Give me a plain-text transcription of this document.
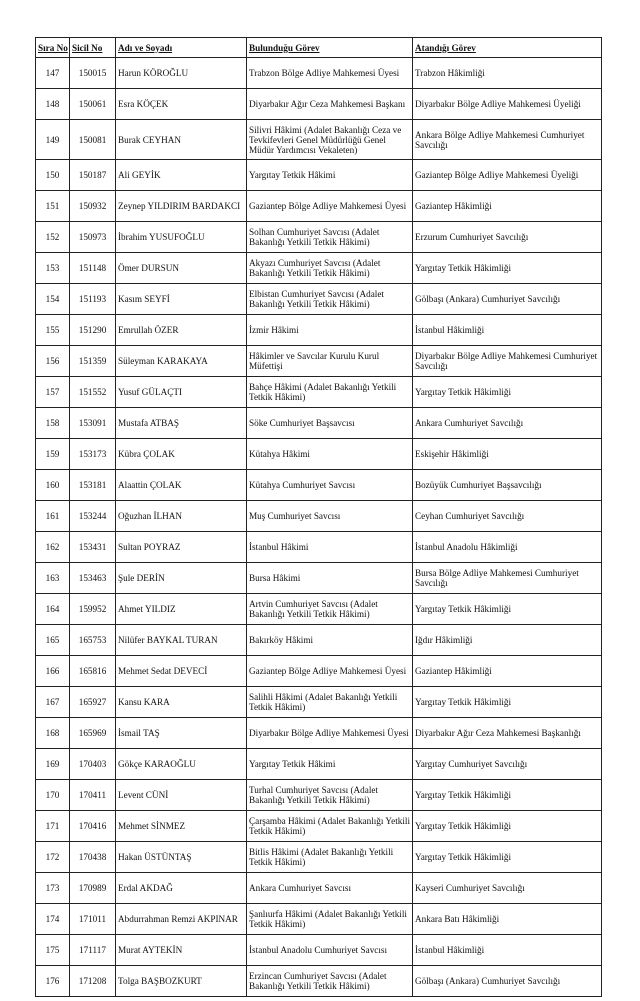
Sıra No	Sicil No	Adı ve Soyadı	Bulunduğu Görev	Atandığı Görev
147	150015	Harun KÖROĞLU	Trabzon Bölge Adliye Mahkemesi Üyesi	Trabzon Hâkimliği
148	150061	Esra KÖÇEK	Diyarbakır Ağır Ceza Mahkemesi Başkanı	Diyarbakır Bölge Adliye Mahkemesi Üyeliği
149	150081	Burak CEYHAN	Silivri Hâkimi (Adalet Bakanlığı Ceza ve Tevkifevleri Genel Müdürlüğü Genel Müdür Yardımcısı Vekaleten)	Ankara Bölge Adliye Mahkemesi Cumhuriyet Savcılığı
150	150187	Ali GEYİK	Yargıtay Tetkik Hâkimi	Gaziantep Bölge Adliye Mahkemesi Üyeliği
151	150932	Zeynep YILDIRIM BARDAKCI	Gaziantep Bölge Adliye Mahkemesi Üyesi	Gaziantep Hâkimliği
152	150973	İbrahim YUSUFOĞLU	Solhan Cumhuriyet Savcısı (Adalet Bakanlığı Yetkili Tetkik Hâkimi)	Erzurum Cumhuriyet Savcılığı
153	151148	Ömer DURSUN	Akyazı Cumhuriyet Savcısı (Adalet Bakanlığı Yetkili Tetkik Hâkimi)	Yargıtay Tetkik Hâkimliği
154	151193	Kasım SEYFİ	Elbistan Cumhuriyet Savcısı (Adalet Bakanlığı Yetkili Tetkik Hâkimi)	Gölbaşı (Ankara) Cumhuriyet Savcılığı
155	151290	Emrullah ÖZER	İzmir Hâkimi	İstanbul Hâkimliği
156	151359	Süleyman KARAKAYA	Hâkimler ve Savcılar Kurulu Kurul Müfettişi	Diyarbakır Bölge Adliye Mahkemesi Cumhuriyet Savcılığı
157	151552	Yusuf GÜLAÇTI	Bahçe Hâkimi (Adalet Bakanlığı Yetkili Tetkik Hâkimi)	Yargıtay Tetkik Hâkimliği
158	153091	Mustafa ATBAŞ	Söke Cumhuriyet Başsavcısı	Ankara Cumhuriyet Savcılığı
159	153173	Kübra ÇOLAK	Kütahya Hâkimi	Eskişehir Hâkimliği
160	153181	Alaattin ÇOLAK	Kütahya Cumhuriyet Savcısı	Bozüyük Cumhuriyet Başsavcılığı
161	153244	Oğuzhan İLHAN	Muş Cumhuriyet Savcısı	Ceyhan Cumhuriyet Savcılığı
162	153431	Sultan POYRAZ	İstanbul Hâkimi	İstanbul Anadolu Hâkimliği
163	153463	Şule DERİN	Bursa Hâkimi	Bursa Bölge Adliye Mahkemesi Cumhuriyet Savcılığı
164	159952	Ahmet YILDIZ	Artvin Cumhuriyet Savcısı (Adalet Bakanlığı Yetkili Tetkik Hâkimi)	Yargıtay Tetkik Hâkimliği
165	165753	Nilüfer BAYKAL TURAN	Bakırköy Hâkimi	Iğdır Hâkimliği
166	165816	Mehmet Sedat DEVECİ	Gaziantep Bölge Adliye Mahkemesi Üyesi	Gaziantep Hâkimliği
167	165927	Kansu KARA	Salihli Hâkimi (Adalet Bakanlığı Yetkili Tetkik Hâkimi)	Yargıtay Tetkik Hâkimliği
168	165969	İsmail TAŞ	Diyarbakır Bölge Adliye Mahkemesi Üyesi	Diyarbakır Ağır Ceza Mahkemesi Başkanlığı
169	170403	Gökçe KARAOĞLU	Yargıtay Tetkik Hâkimi	Yargıtay Cumhuriyet Savcılığı
170	170411	Levent CÜNİ	Turhal Cumhuriyet Savcısı (Adalet Bakanlığı Yetkili Tetkik Hâkimi)	Yargıtay Tetkik Hâkimliği
171	170416	Mehmet SİNMEZ	Çarşamba Hâkimi (Adalet Bakanlığı Yetkili Tetkik Hâkimi)	Yargıtay Tetkik Hâkimliği
172	170438	Hakan ÜSTÜNTAŞ	Bitlis Hâkimi (Adalet Bakanlığı Yetkili Tetkik Hâkimi)	Yargıtay Tetkik Hâkimliği
173	170989	Erdal AKDAĞ	Ankara Cumhuriyet Savcısı	Kayseri Cumhuriyet Savcılığı
174	171011	Abdurrahman Remzi AKPINAR	Şanlıurfa Hâkimi (Adalet Bakanlığı Yetkili Tetkik Hâkimi)	Ankara Batı Hâkimliği
175	171117	Murat AYTEKİN	İstanbul Anadolu Cumhuriyet Savcısı	İstanbul Hâkimliği
176	171208	Tolga BAŞBOZKURT	Erzincan Cumhuriyet Savcısı (Adalet Bakanlığı Yetkili Tetkik Hâkimi)	Gölbaşı (Ankara) Cumhuriyet Savcılığı
